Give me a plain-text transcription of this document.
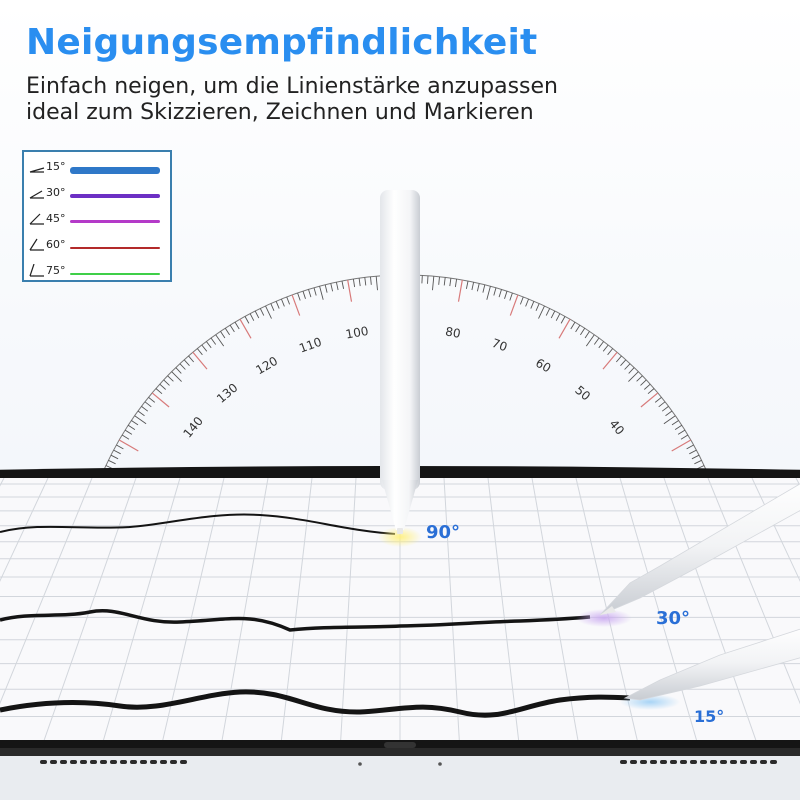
140
130
120
110
100	80
70
60
50
40
90°
30°
15°
Neigungsempfindlichkeit
Einfach neigen, um die Linienstärke anzupassen
ideal zum Skizzieren, Zeichnen und Markieren
15°
30°
45°
60°
75°
